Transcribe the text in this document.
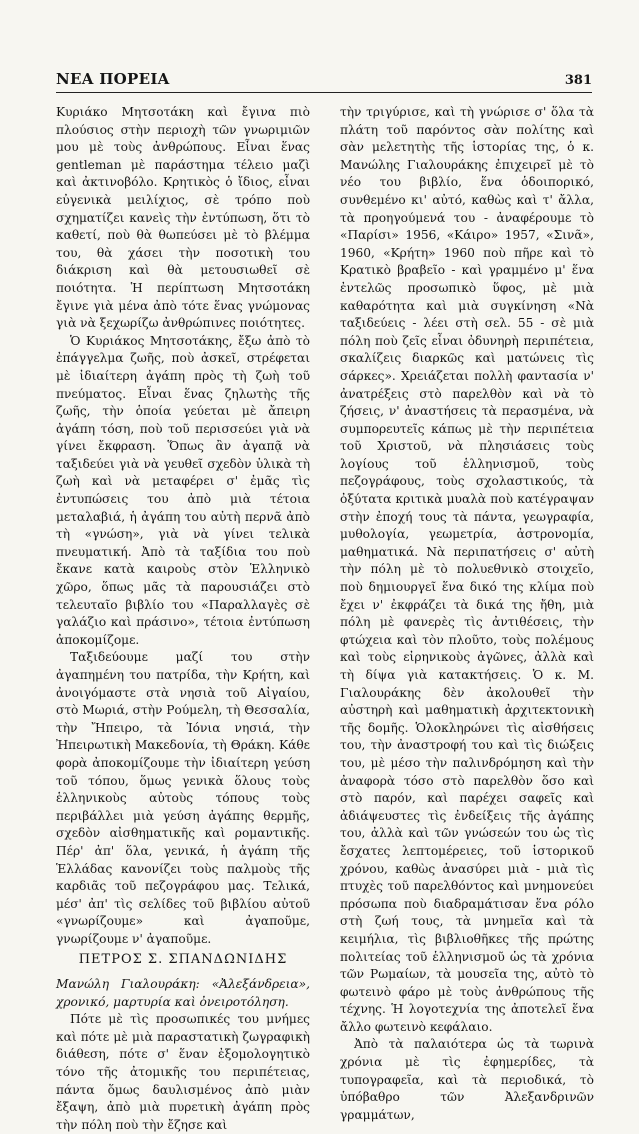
ΝΕΑ ΠΟΡΕΙΑ	381

Κυριάκο Μητσοτάκη καὶ ἔγινα πιὸ πλούσιος στὴν περιοχὴ τῶν γνωριμιῶν μου μὲ τοὺς ἀνθρώπους. Εἶναι ἕνας gentleman μὲ παράστημα τέλειο μαζὶ καὶ ἀκτινοβόλο. Κρητικὸς ὁ ἴδιος, εἶναι εὐγενικὰ μειλίχιος, σὲ τρόπο ποὺ σχηματίζει κανεὶς τὴν ἐντύπωση, ὅτι τὸ καθετί, ποὺ θὰ θωπεύσει μὲ τὸ βλέμμα του, θὰ χάσει τὴν ποσοτικὴ του διάκριση καὶ θὰ μετουσιωθεῖ σὲ ποιότητα. Ἡ περίπτωση Μητσοτάκη ἔγινε γιὰ μένα ἀπὸ τότε ἕνας γνώμονας γιὰ νὰ ξεχωρίζω ἀνθρώπινες ποιότητες.

Ὁ Κυριάκος Μητσοτάκης, ἔξω ἀπὸ τὸ ἐπάγγελμα ζωῆς, ποὺ ἀσκεῖ, στρέφεται μὲ ἰδιαίτερη ἀγάπη πρὸς τὴ ζωὴ τοῦ πνεύματος. Εἶναι ἕνας ζηλωτὴς τῆς ζωῆς, τὴν ὁποία γεύεται μὲ ἄπειρη ἀγάπη τόση, ποὺ τοῦ περισσεύει γιὰ νὰ γίνει ἔκφραση. Ὅπως ἂν ἀγαπᾷ νὰ ταξιδεύει γιὰ νὰ γευθεῖ σχεδὸν ὑλικὰ τὴ ζωὴ καὶ νὰ μεταφέρει σ' ἐμᾶς τὶς ἐντυπώσεις του ἀπὸ μιὰ τέτοια μεταλαβιά, ἡ ἀγάπη του αὐτὴ περνᾶ ἀπὸ τὴ «γνώση», γιὰ νὰ γίνει τελικὰ πνευματική. Ἀπὸ τὰ ταξίδια του ποὺ ἔκανε κατὰ καιροὺς στὸν Ἑλληνικὸ χῶρο, ὅπως μᾶς τὰ παρουσιάζει στὸ τελευταῖο βιβλίο του «Παραλλαγὲς σὲ γαλάζιο καὶ πράσινο», τέτοια ἐντύπωση ἀποκομίζομε.

Ταξιδεύουμε μαζί του στὴν ἀγαπημένη του πατρίδα, τὴν Κρήτη, καὶ ἀνοιγόμαστε στὰ νησιὰ τοῦ Αἰγαίου, στὸ Μωριά, στὴν Ρούμελη, τὴ Θεσσαλία, τὴν Ἤπειρο, τὰ Ἰόνια νησιά, τὴν Ἠπειρωτικὴ Μακεδονία, τὴ Θράκη. Κάθε φορὰ ἀποκομίζουμε τὴν ἰδιαίτερη γεύση τοῦ τόπου, ὅμως γενικὰ ὅλους τοὺς ἑλληνικοὺς αὐτοὺς τόπους τοὺς περιβάλλει μιὰ γεύση ἀγάπης θερμῆς, σχεδὸν αἰσθηματικῆς καὶ ρομαντικῆς. Πέρ' ἀπ' ὅλα, γενικά, ἡ ἀγάπη τῆς Ἑλλάδας κανονίζει τοὺς παλμοὺς τῆς καρδιᾶς τοῦ πεζογράφου μας. Τελικά, μέσ' ἀπ' τὶς σελίδες τοῦ βιβλίου αὐτοῦ «γνωρίζουμε» καὶ ἀγαποῦμε, γνωρίζουμε ν' ἀγαποῦμε.

ΠΕΤΡΟΣ Σ. ΣΠΑΝΔΩΝΙΔΗΣ

Μανώλη Γιαλουράκη: «Ἀλεξάνδρεια», χρονικό, μαρτυρία καὶ ὀνειροτόληση.

Πότε μὲ τὶς προσωπικές του μνήμες καὶ πότε μὲ μιὰ παραστατικὴ ζωγραφικὴ διάθεση, πότε σ' ἕναν ἐξομολογητικὸ τόνο τῆς ἀτομικῆς του περιπέτειας, πάντα ὅμως δαυλισμένος ἀπὸ μιὰν ἔξαψη, ἀπὸ μιὰ πυρετικὴ ἀγάπη πρὸς τὴν πόλη ποὺ τὴν ἔζησε καὶ

τὴν τριγύρισε, καὶ τὴ γνώρισε σ' ὅλα τὰ πλάτη τοῦ παρόντος σὰν πολίτης καὶ σὰν μελετητὴς τῆς ἱστορίας της, ὁ κ. Μανώλης Γιαλουράκης ἐπιχειρεῖ μὲ τὸ νέο του βιβλίο, ἕνα ὁδοιπορικό, συνθεμένο κι' αὐτό, καθὼς καὶ τ' ἄλλα, τὰ προηγούμενά του - ἀναφέρουμε τὸ «Παρίσι» 1956, «Κάιρο» 1957, «Σινᾶ», 1960, «Κρήτη» 1960 ποὺ πῆρε καὶ τὸ Κρατικὸ βραβεῖο - καὶ γραμμένο μ' ἕνα ἐντελῶς προσωπικὸ ὕφος, μὲ μιὰ καθαρότητα καὶ μιὰ συγκίνηση «Νὰ ταξιδεύεις - λέει στὴ σελ. 55 - σὲ μιὰ πόλη ποὺ ζεῖς εἶναι ὀδυνηρὴ περιπέτεια, σκαλίζεις διαρκῶς καὶ ματώνεις τὶς σάρκες». Χρειάζεται πολλὴ φαντασία ν' ἀνατρέξεις στὸ παρελθὸν καὶ νὰ τὸ ζήσεις, ν' ἀναστήσεις τὰ περασμένα, νὰ συμπορευτεῖς κάπως μὲ τὴν περιπέτεια τοῦ Χριστοῦ, νὰ πλησιάσεις τοὺς λογίους τοῦ ἑλληνισμοῦ, τοὺς πεζογράφους, τοὺς σχολαστικούς, τὰ ὀξύτατα κριτικὰ μυαλὰ ποὺ κατέγραψαν στὴν ἐποχή τους τὰ πάντα, γεωγραφία, μυθολογία, γεωμετρία, ἀστρονομία, μαθηματικά. Νὰ περιπατήσεις σ' αὐτὴ τὴν πόλη μὲ τὸ πολυεθνικὸ στοιχεῖο, ποὺ δημιουργεῖ ἕνα δικό της κλίμα ποὺ ἔχει ν' ἐκφράζει τὰ δικά της ἤθη, μιὰ πόλη μὲ φανερὲς τὶς ἀντιθέσεις, τὴν φτώχεια καὶ τὸν πλοῦτο, τοὺς πολέμους καὶ τοὺς εἰρηνικοὺς ἀγῶνες, ἀλλὰ καὶ τὴ δίψα γιὰ κατακτήσεις. Ὁ κ. Μ. Γιαλουράκης δὲν ἀκολουθεῖ τὴν αὐστηρὴ καὶ μαθηματικὴ ἀρχιτεκτονικὴ τῆς δομῆς. Ὁλοκληρώνει τὶς αἰσθήσεις του, τὴν ἀναστροφή του καὶ τὶς διώξεις του, μὲ μέσο τὴν παλινδρόμηση καὶ τὴν ἀναφορὰ τόσο στὸ παρελθὸν ὅσο καὶ στὸ παρόν, καὶ παρέχει σαφεῖς καὶ ἀδιάψευστες τὶς ἐνδείξεις τῆς ἀγάπης του, ἀλλὰ καὶ τῶν γνώσεών του ὡς τὶς ἔσχατες λεπτομέρειες, τοῦ ἱστορικοῦ χρόνου, καθὼς ἀνασύρει μιὰ - μιὰ τὶς πτυχὲς τοῦ παρελθόντος καὶ μνημονεύει πρόσωπα ποὺ διαδραμάτισαν ἕνα ρόλο στὴ ζωή τους, τὰ μνημεῖα καὶ τὰ κειμήλια, τὶς βιβλιοθῆκες τῆς πρώτης πολιτείας τοῦ ἑλληνισμοῦ ὡς τὰ χρόνια τῶν Ρωμαίων, τὰ μουσεῖα της, αὐτὸ τὸ φωτεινὸ φάρο μὲ τοὺς ἀνθρώπους τῆς τέχνης. Ἡ λογοτεχνία της ἀποτελεῖ ἕνα ἄλλο φωτεινὸ κεφάλαιο.

Ἀπὸ τὰ παλαιότερα ὡς τὰ τωρινὰ χρόνια μὲ τὶς ἐφημερίδες, τὰ τυπογραφεῖα, καὶ τὰ περιοδικά, τὸ ὑπόβαθρο τῶν Ἀλεξανδρινῶν γραμμάτων,
